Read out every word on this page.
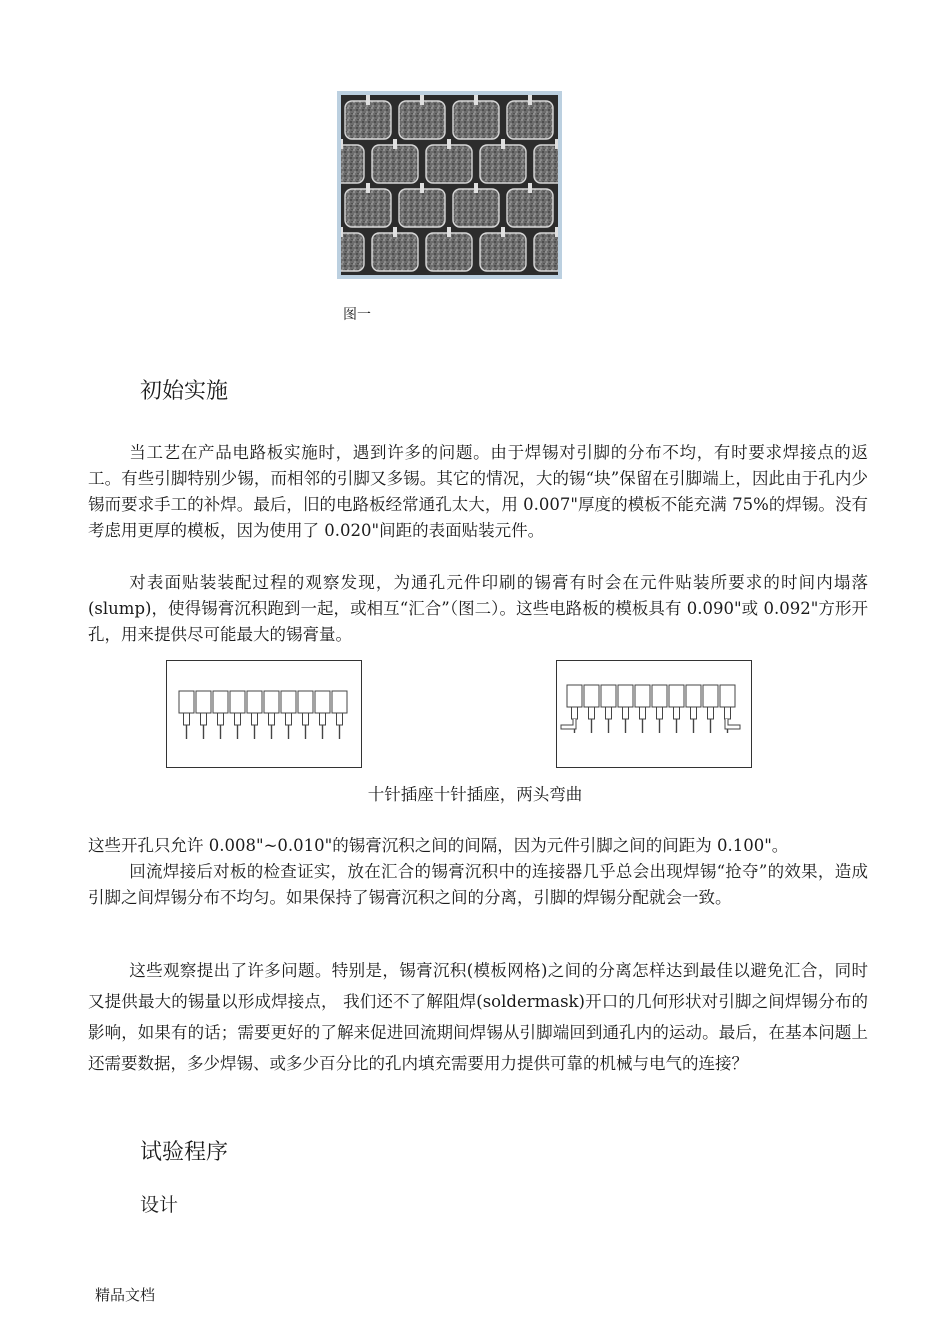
图一
初始实施

当工艺在产品电路板实施时，遇到许多的问题。由于焊锡对引脚的分布不均，有时要求焊接点的返工。有些引脚特别少锡，而相邻的引脚又多锡。其它的情况，大的锡“块”保留在引脚端上，因此由于孔内少锡而要求手工的补焊。最后，旧的电路板经常通孔太大，用 0.007"厚度的模板不能充满 75%的焊锡。没有考虑用更厚的模板，因为使用了 0.020"间距的表面贴装元件。

对表面贴装装配过程的观察发现，为通孔元件印刷的锡膏有时会在元件贴装所要求的时间内塌落(slump)，使得锡膏沉积跑到一起，或相互“汇合”（图二）。这些电路板的模板具有 0.090"或 0.092"方形开孔，用来提供尽可能最大的锡膏量。

十针插座十针插座，两头弯曲

这些开孔只允许 0.008"~0.010"的锡膏沉积之间的间隔，因为元件引脚之间的间距为 0.100"。

回流焊接后对板的检查证实，放在汇合的锡膏沉积中的连接器几乎总会出现焊锡“抢夺”的效果，造成引脚之间焊锡分布不均匀。如果保持了锡膏沉积之间的分离，引脚的焊锡分配就会一致。

这些观察提出了许多问题。特别是，锡膏沉积(模板网格)之间的分离怎样达到最佳以避免汇合，同时又提供最大的锡量以形成焊接点， 我们还不了解阻焊(soldermask)开口的几何形状对引脚之间焊锡分布的影响，如果有的话；需要更好的了解来促进回流期间焊锡从引脚端回到通孔内的运动。最后，在基本问题上还需要数据，多少焊锡、或多少百分比的孔内填充需要用力提供可靠的机械与电气的连接？

试验程序
设计
精品文档
